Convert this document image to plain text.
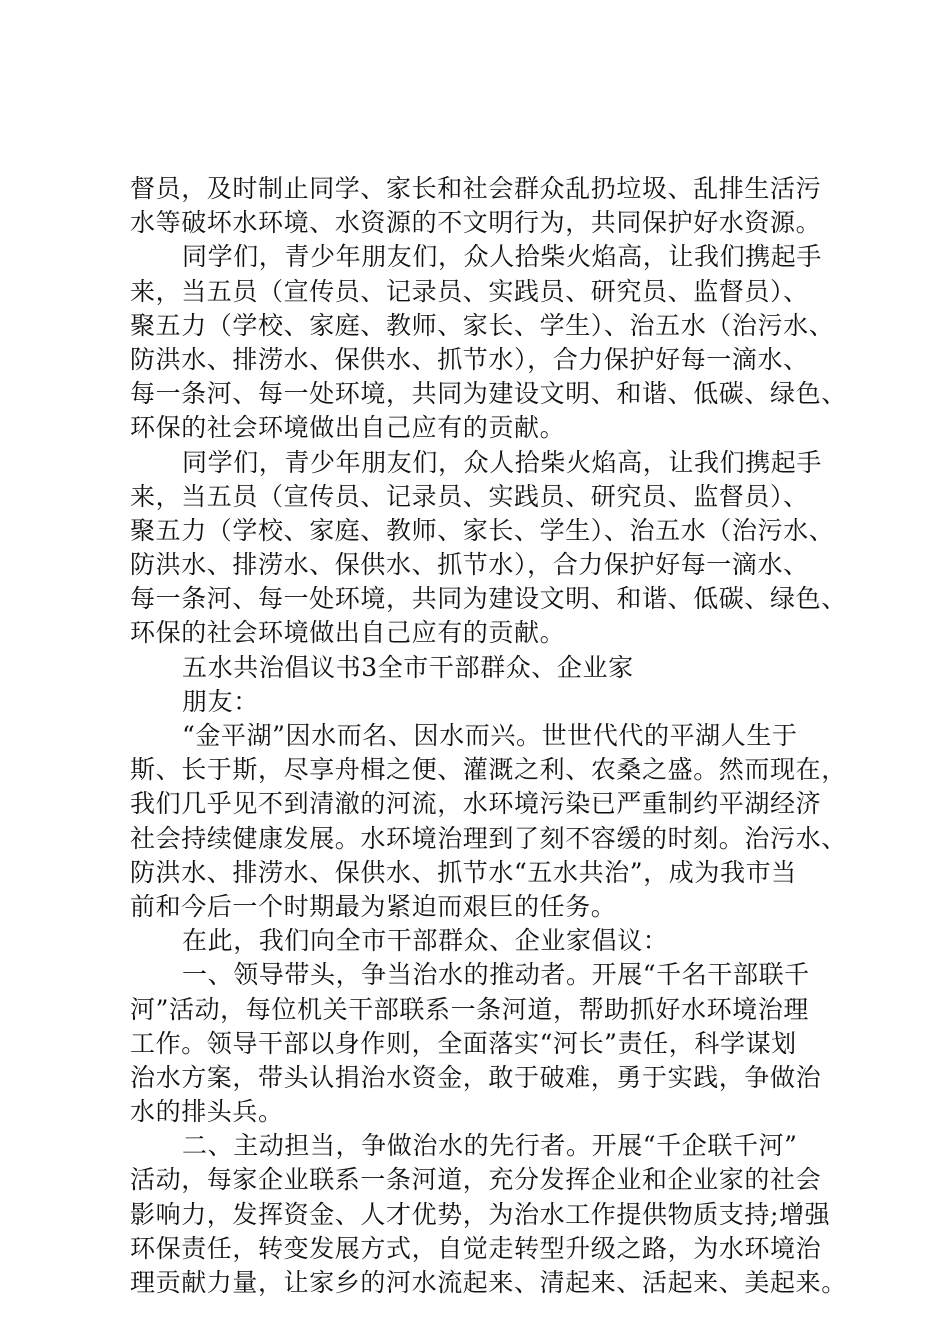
督员，及时制止同学、家长和社会群众乱扔垃圾、乱排生活污
水等破坏水环境、水资源的不文明行为，共同保护好水资源。
同学们，青少年朋友们，众人拾柴火焰高，让我们携起手
来，当五员（宣传员、记录员、实践员、研究员、监督员）、
聚五力（学校、家庭、教师、家长、学生）、治五水（治污水、
防洪水、排涝水、保供水、抓节水），合力保护好每一滴水、
每一条河、每一处环境，共同为建设文明、和谐、低碳、绿色、
环保的社会环境做出自己应有的贡献。
同学们，青少年朋友们，众人拾柴火焰高，让我们携起手
来，当五员（宣传员、记录员、实践员、研究员、监督员）、
聚五力（学校、家庭、教师、家长、学生）、治五水（治污水、
防洪水、排涝水、保供水、抓节水），合力保护好每一滴水、
每一条河、每一处环境，共同为建设文明、和谐、低碳、绿色、
环保的社会环境做出自己应有的贡献。
五水共治倡议书3全市干部群众、企业家
朋友：
“金平湖”因水而名、因水而兴。世世代代的平湖人生于
斯、长于斯，尽享舟楫之便、灌溉之利、农桑之盛。然而现在，
我们几乎见不到清澈的河流，水环境污染已严重制约平湖经济
社会持续健康发展。水环境治理到了刻不容缓的时刻。治污水、
防洪水、排涝水、保供水、抓节水“五水共治”，成为我市当
前和今后一个时期最为紧迫而艰巨的任务。
在此，我们向全市干部群众、企业家倡议：
一、领导带头，争当治水的推动者。开展“千名干部联千
河”活动，每位机关干部联系一条河道，帮助抓好水环境治理
工作。领导干部以身作则，全面落实“河长”责任，科学谋划
治水方案，带头认捐治水资金，敢于破难，勇于实践，争做治
水的排头兵。
二、主动担当，争做治水的先行者。开展“千企联千河”
活动，每家企业联系一条河道，充分发挥企业和企业家的社会
影响力，发挥资金、人才优势，为治水工作提供物质支持;增强
环保责任，转变发展方式，自觉走转型升级之路，为水环境治
理贡献力量，让家乡的河水流起来、清起来、活起来、美起来。
